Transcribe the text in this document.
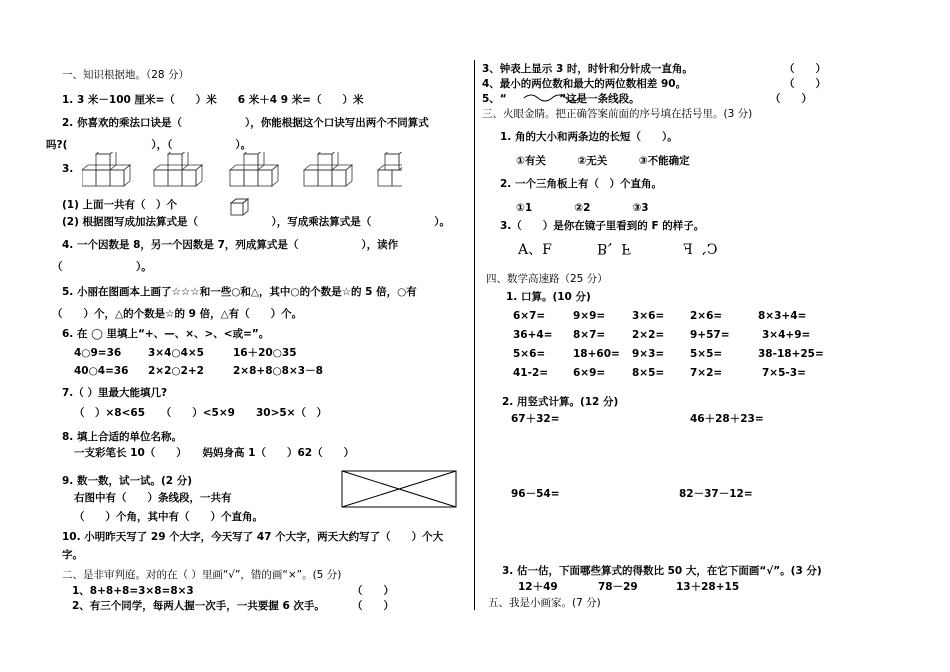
一、知识根据地。（28 分）
1. 3 米－100 厘米=（　　）米　　6 米＋4 9 米=（　　）米
2. 你喜欢的乘法口诀是（　　　　　　），你能根据这个口诀写出两个不同算式
吗?(　　　　　　　　），（　　　　　　）。
3.
(1) 上面一共有（　）个
(2) 根据图写成加法算式是（　　　　　　　），写成乘法算式是（　　　　　　）。
4. 一个因数是 8，另一个因数是 7，列成算式是（　　　　　　），读作
（　　　　　　　）。
5. 小丽在图画本上画了☆☆☆和一些○和△，其中○的个数是☆的 5 倍，○有
（　　）个，△的个数是☆的 9 倍，△有（　　）个。
6. 在 ◯ 里填上“+、—、×、>、<或=”。
4○9=36	3×4○4×5	16＋20○35
40○4=36 2×2○2+2	2×8+8○8×3－8
7.（ ）里最大能填几?
（　）×8<65　　（　　）<5×9　　30>5×（　）
8. 填上合适的单位名称。
一支彩笔长 10（　　）　　妈妈身高 1（　　）62（　　）
9. 数一数，试一试。(2 分)
右图中有（　　）条线段，一共有
（　　）个角，其中有（　　）个直角。
10. 小明昨天写了 29 个大字，今天写了 47 个大字，两天大约写了（　　）个大
字。
二、是非审判庭。对的在（ ）里画“√”，错的画“×”。(5 分)
1、8+8+8=3×8=8×3	（　　）
2、有三个同学，每两人握一次手，一共要握 6 次手。	（　　）
3、钟表上显示 3 时，时针和分针成一直角。	（　　）
4、最小的两位数和最大的两位数相差 90。	（　　）
5、“　　　　　”这是一条线段。	（　　）
三、火眼金睛。把正确答案前面的序号填在括号里。(3 分)
1. 角的大小和两条边的长短（　　）。
①有关　　　②无关　　　③不能确定
2. 一个三角板上有（　）个直角。
①1　　　　②2　　　　③3
3.（　　）是你在镜子里看到的 F 的样子。
A、F	B、F	C、F
四、数学高速路（25 分）
1. 口算。(10 分)
6×7=	9×9=	3×6= 2×6=	8×3+4=
36+4= 8×7=	2×2= 9+57=	3×4+9=
5×6=	18+60= 9×3= 5×5=	38-18+25=
41-2= 6×9=	8×5= 7×2=	7×5-3=
2. 用竖式计算。(12 分)
67＋32=	46＋28＋23=
96－54=	82－37－12=
3. 估一估，下面哪些算式的得数比 50 大，在它下面画“√”。(3 分)
12＋49	78－29	13＋28+15
五、我是小画家。(7 分)
